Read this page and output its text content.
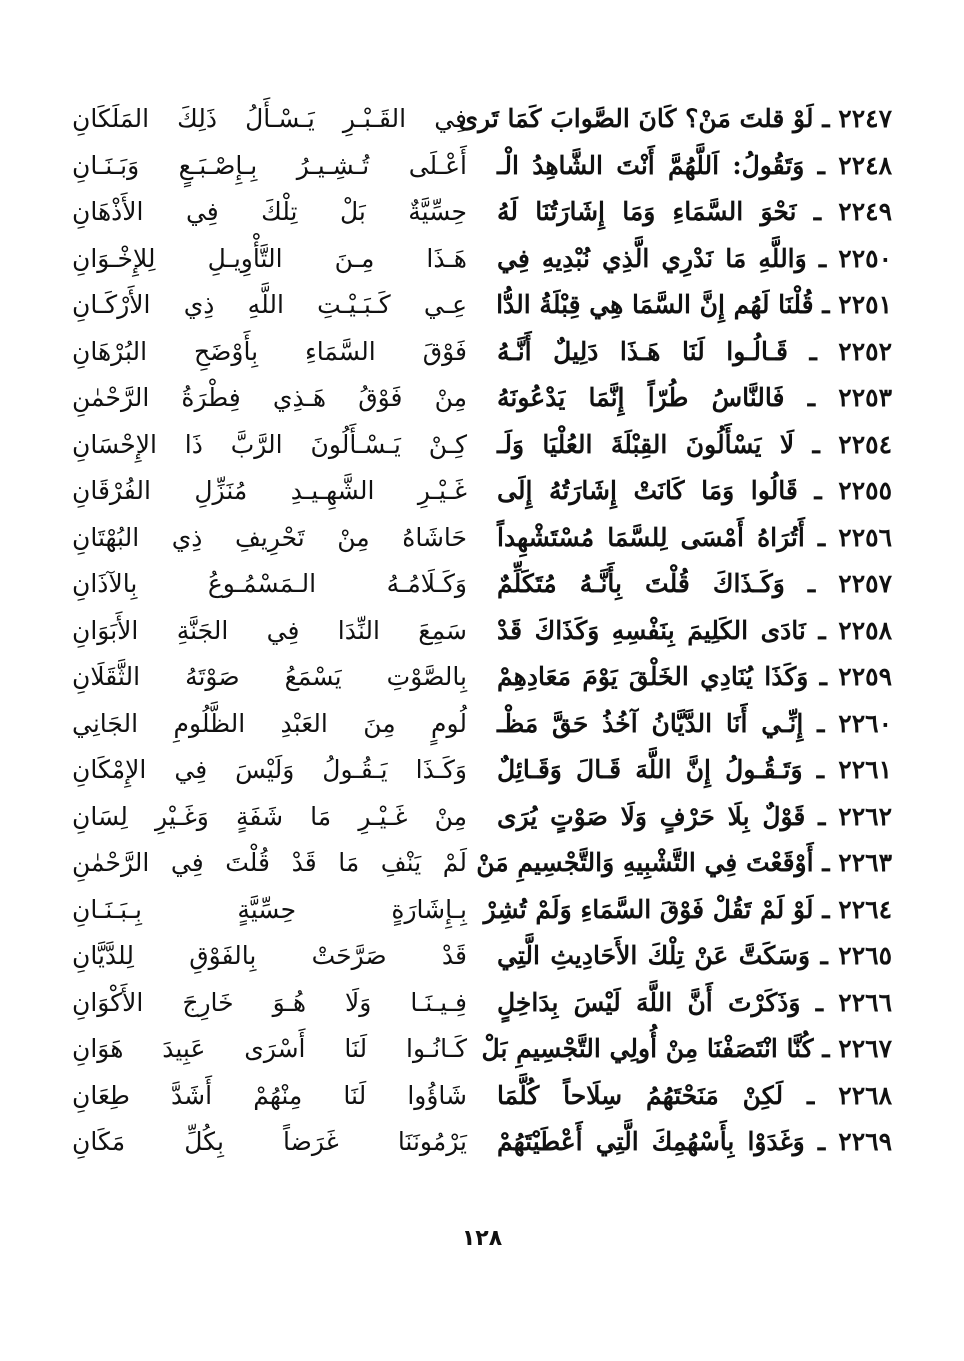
٢٢٤٧ ـ لَوْ قلتَ مَنْ؟ كَانَ الصَّوابَ كَمَا تَرى
فِي القَـبْـرِ يَـسْـأَلُ ذَلِكَ المَلَكَانِ
٢٢٤٨ ـ وَتَقُولُ: اَللَّهُمَّ أَنْتَ الشَّاهِدُ الْـ
أَعْـلَى تُـشِـيـرُ بِـإِصْـبَـعٍ وَبَـنَـانِ
٢٢٤٩ ـ نَحْوَ السَّمَاءِ وَمَا إِشَارَتُنَا لَهُ
حِسِّيَّةٌ بَلْ تِلْكَ فِي الأَذْهَانِ
٢٢٥٠ ـ وَاللَّهِ مَا نَدْرِي الَّذِي نُبْدِيهِ فِي
هَـذَا مِـنَ التَّأْوِيـلِ لِلإِخْـوَانِ
٢٢٥١ ـ قُلْنَا لَهُم إِنَّ السَّمَا هِي قِبْلَةُ الدُّا
عِـي كَـبَـيْـتِ اللَّهِ ذِي الأَرْكَـانِ
٢٢٥٢ ـ قَـالُـوا لَنَا هَـذَا دَلِيلٌ أَنَّـهُ
فَوْقَ السَّمَاءِ بِأَوْضَحِ البُرْهَانِ
٢٢٥٣ ـ فَالنَّاسُ طُرّاً إِنَّمَا يَدْعُونَهُ
مِنْ فَوْقُ هَـذِي فِطْرَةُ الرَّحْمٰنِ
٢٢٥٤ ـ لَا يَسْأَلُونَ القِبْلَةَ العُلْيَا وَلَـ
كِـنْ يَـسْـأَلُونَ الرَّبَّ ذَا الإِحْسَانِ
٢٢٥٥ ـ قَالُوا وَمَا كَانَتْ إِشَارَتُهُ إِلَى
غَـيْـرِ الشَّهِـيـدِ مُنَزِّلِ الفُرْقَانِ
٢٢٥٦ ـ أَتُرَاهُ أَمْسَى لِلسَّمَا مُسْتَشْهِداً
حَاشَاهُ مِنْ تَحْرِيفِ ذِي البُهْتَانِ
٢٢٥٧ ـ وَكَـذَاكَ قُلْتَ بِأَنَّـهُ مُتَكَلِّمٌ
وَكَـلَامُـهُ الـمَسْمُـوعُ بِالآذَانِ
٢٢٥٨ ـ نَادَى الكَلِيمَ بِنَفْسِهِ وَكَذَاكَ قَدْ
سَمِعَ النِّدَا فِي الجَنَّةِ الأَبَوَانِ
٢٢٥٩ ـ وَكَذَا يُنَادِي الخَلْقَ يَوْمَ مَعَادِهِمْ
بِالصَّوْتِ يَسْمَعُ صَوْتَهُ الثَّقَلَانِ
٢٢٦٠ ـ إِنِّـي أَنَا الدَّيَّانُ آخُذُ حَقَّ مَظْـ
لُومٍ مِنَ العَبْدِ الظَّلُومِ الجَانِي
٢٢٦١ ـ وَتَـقُـولُ إِنَّ اللَّهَ قَـالَ وَقَـائِلٌ
وَكَـذَا يَـقُـولُ وَلَيْسَ فِي الإِمْكَانِ
٢٢٦٢ ـ قَوْلٌ بِلَا حَرْفٍ وَلَا صَوْتٍ يُرَى
مِنْ غَـيْـرِ مَا شَفَةٍ وَغَـيْرِ لِسَانِ
٢٢٦٣ ـ أَوْقَعْتَ فِي التَّشْبِيهِ وَالتَّجْسِيمِ مَنْ
لَمْ يَنْفِ مَا قَدْ قُلْتَ فِي الرَّحْمٰنِ
٢٢٦٤ ـ لَوْ لَمْ تَقُلْ فَوْقَ السَّمَاءِ وَلَمْ تُشِرْ
بِـإِشَارَةٍ حِسِّيَّةٍ بِـبَـنَـانِ
٢٢٦٥ ـ وَسَكَتَّ عَنْ تِلْكَ الأَحَادِيثِ الَّتِي
قَدْ صَرَّحَتْ بِالفَوْقِ لِلدَّيَّانِ
٢٢٦٦ ـ وَذَكَرْتَ أَنَّ اللَّهَ لَيْسَ بِدَاخِلٍ
فِـيـنَـا وَلَا هُـوَ خَارِجَ الأَكْوَانِ
٢٢٦٧ ـ كُنَّا انْتَصَفْنَا مِنْ أُولِي التَّجْسِيمِ بَلْ
كَـانُـوا لَنَا أَسْرَى عَبِيدَ هَوَانِ
٢٢٦٨ ـ لَكِنْ مَنَحْتَهُمُ سِلَاحاً كُلَّمَا
شَاؤُوا لَنَا مِنْهُمْ أَشَدَّ طِعَانِ
٢٢٦٩ ـ وَغَدَوْا بِأَسْهُمِكَ الَّتِي أَعْطَيْتَهُمْ
يَرْمُونَنَا غَرَضاً بِكُلِّ مَكَانِ
١٢٨
